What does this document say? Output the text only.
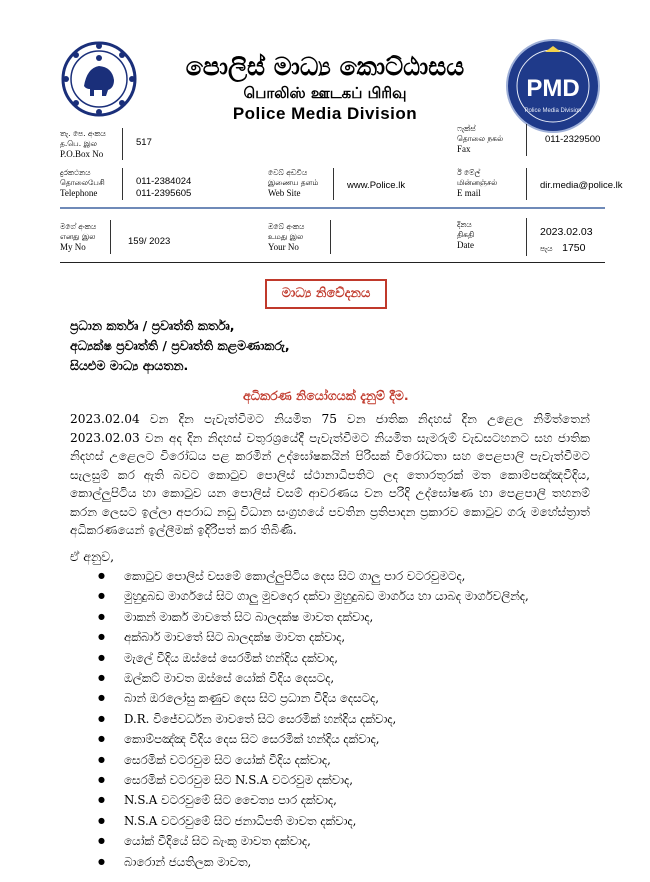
පොලිස් මාධ්‍ය කොට්ඨාසය
பொலிஸ் ஊடகப் பிரிவு
Police Media Division
PMD
Police Media Division
තැ. පෙ. අංකය
த.பெ. இல
P.O.Box No
517
ෆැක්ස්
தொலை நகல்
Fax
011-2329500
දුරකථනය
தொலைபேசி
Telephone
011-2384024
011-2395605
වෙබ් අඩවිය
இணைய தளம்
Web Site
www.Police.lk
ඊ මේල්
மின்னஞ்சல்
E mail
dir.media@police.lk
මගේ අංකය
எனது இல
My No	159/ 2023
ඔබේ අංකය
உமது இல
Your No
දිනය
திகதி
Date
2023.02.03
පැය 1750
මාධ්‍ය නිවේදනය
ප්‍රධාන කර්තෘ / ප්‍රවෘත්ති කර්තෘ,
අධ්‍යක්ෂ ප්‍රවෘත්ති / ප්‍රවෘත්ති කළමණාකරු,
සියළුම මාධ්‍ය ආයතන.
අධිකරණ නියෝගයක් දැනුම් දීම.
2023.02.04 වන දින පැවැත්වීමට නියමිත 75 වන ජාතික නිදහස් දින උළෙල නිමිත්තෙන් 2023.02.03 වන අද දින නිදහස් චතුරශ්‍රයේදී පැවැත්වීමට නියමිත සැමරුම් වැඩසටහනට සහ ජාතික නිදහස් උළෙලට විරෝධය පළ කරමින් උද්ඝෝෂකයින් පිරිසක් විරෝධතා සහ පෙළපාලි පැවැත්වීමට සැලසුම් කර ඇති බවට කොටුව පොලිස් ස්ථානාධිපතිට ලද තොරතුරක් මත කොම්පඤ්ඤවීදිය, කොල්ලුපිටිය හා කොටුව යන පොලිස් වසම් ආවරණය වන පරිදි උද්ඝෝෂණ හා පෙළපාලි තහනම් කරන ලෙසට ඉල්ලා අපරාධ නඩු විධාන සංග්‍රහයේ පවතින ප්‍රතිපාදන ප්‍රකාරව කොටුව ගරු මහේස්ත්‍රාත් අධිකරණයෙන් ඉල්ලීමක් ඉදිරිපත් කර තිබිණි.
ඒ අනුව,
● කොටුව පොලිස් වසමේ කොල්ලුපිටිය දෙස සිට ගාලු පාර වටරවුමටද,
● මුහුදුබඩ මාර්ගයේ සිට ගාලු මුවදොර දක්වා මුහුදුබඩ මාර්ගය හා යාබද මාර්ගවලින්ද,
● මාකන් මාකර් මාවතේ සිට බාලදක්ෂ මාවත දක්වාද,
● අක්බාර් මාවතේ සිට බාලදක්ෂ මාවත දක්වාද,
● මැලේ වීදිය ඔස්සේ සෙරමික් හන්දිය දක්වාද,
● ඔල්කට් මාවත ඔස්සේ යෝක් වීදිය දෙසටද,
● බාන් ඔරලෝසු කණුව දෙස සිට ප්‍රධාන වීදිය දෙසටද,
● D.R. විජේවර්ධන මාවතේ සිට සෙරමික් හන්දිය දක්වාද,
● කොම්පඤ්ඤ වීදිය දෙස සිට සෙරමික් හන්දිය දක්වාද,
● සෙරමික් වටරවුම සිට යෝක් වීදිය දක්වාද,
● සෙරමික් වටරවුම සිට N.S.A වටරවුම දක්වාද,
● N.S.A වටරවුමේ සිට චෛත්‍ය පාර දක්වාද,
● N.S.A වටරවුමේ සිට ජනාධිපති මාවත දක්වාද,
● යෝක් වීදියේ සිට බැංකු මාවත දක්වාද,
● බාරොන් ජයතිලක මාවත,
